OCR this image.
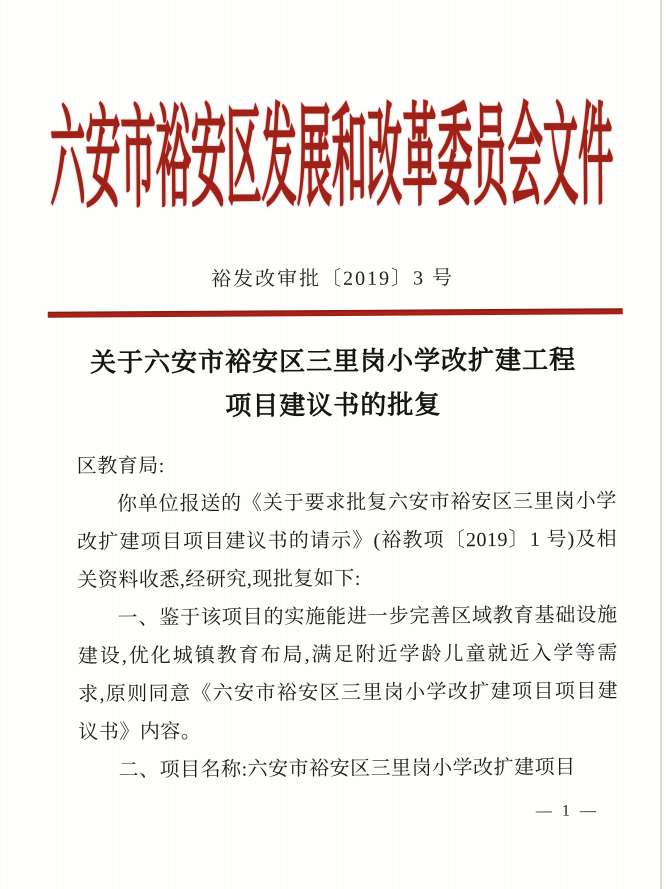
六安市裕安区发展和改革委员会文件
裕发改审批〔2019〕3 号
关于六安市裕安区三里岗小学改扩建工程
项目建议书的批复
区教育局:
你单位报送的《关于要求批复六安市裕安区三里岗小学
改扩建项目项目建议书的请示》(裕教项〔2019〕1 号)及相
关资料收悉,经研究,现批复如下:
一、鉴于该项目的实施能进一步完善区域教育基础设施
建设,优化城镇教育布局,满足附近学龄儿童就近入学等需
求,原则同意《六安市裕安区三里岗小学改扩建项目项目建
议书》内容。
二、项目名称:六安市裕安区三里岗小学改扩建项目
— 1 —
